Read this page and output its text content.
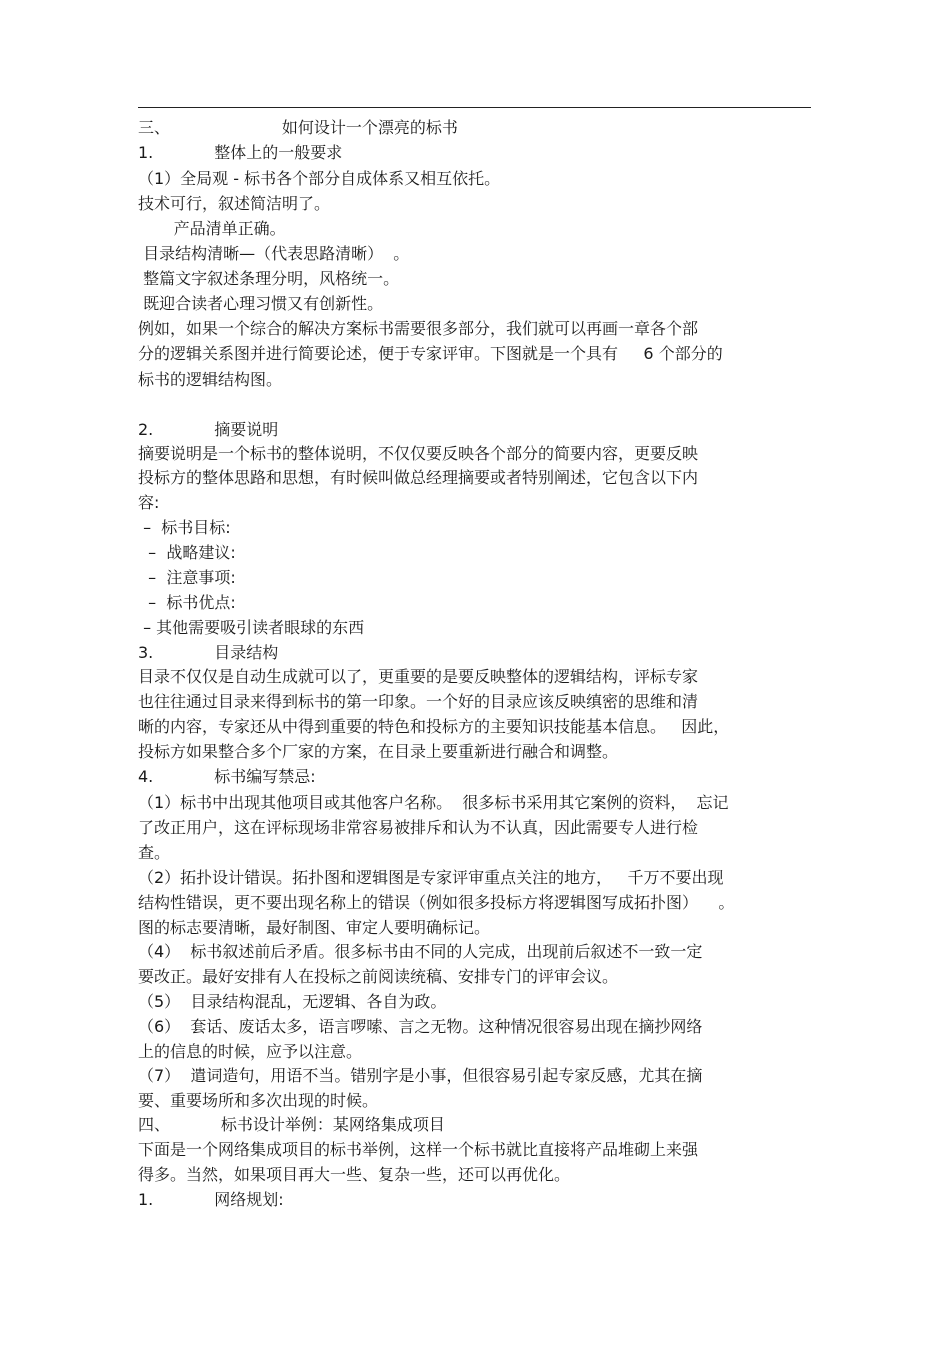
三、                      如何设计一个漂亮的标书
1.            整体上的一般要求
（1）全局观 - 标书各个部分自成体系又相互依托。
技术可行，叙述简洁明了。
产品清单正确。
目录结构清晰—（代表思路清晰）  。
整篇文字叙述条理分明，风格统一。
既迎合读者心理习惯又有创新性。
例如，如果一个综合的解决方案标书需要很多部分，我们就可以再画一章各个部
分的逻辑关系图并进行简要论述，便于专家评审。下图就是一个具有     6 个部分的
标书的逻辑结构图。
2.            摘要说明
摘要说明是一个标书的整体说明，不仅仅要反映各个部分的简要内容，更要反映
投标方的整体思路和思想，有时候叫做总经理摘要或者特别阐述，它包含以下内
容:
–  标书目标:
–  战略建议:
–  注意事项:
–  标书优点:
– 其他需要吸引读者眼球的东西
3.            目录结构
目录不仅仅是自动生成就可以了，更重要的是要反映整体的逻辑结构，评标专家
也往往通过目录来得到标书的第一印象。一个好的目录应该反映缜密的思维和清
晰的内容，专家还从中得到重要的特色和投标方的主要知识技能基本信息。   因此，
投标方如果整合多个厂家的方案，在目录上要重新进行融合和调整。
4.            标书编写禁忌:
（1）标书中出现其他项目或其他客户名称。  很多标书采用其它案例的资料，  忘记
了改正用户，这在评标现场非常容易被排斥和认为不认真，因此需要专人进行检
查。
（2）拓扑设计错误。拓扑图和逻辑图是专家评审重点关注的地方，   千万不要出现
结构性错误，更不要出现名称上的错误（例如很多投标方将逻辑图写成拓扑图）    。
图的标志要清晰，最好制图、审定人要明确标记。
（4）  标书叙述前后矛盾。很多标书由不同的人完成，出现前后叙述不一致一定
要改正。最好安排有人在投标之前阅读统稿、安排专门的评审会议。
（5）  目录结构混乱，无逻辑、各自为政。
（6）  套话、废话太多，语言啰嗦、言之无物。这种情况很容易出现在摘抄网络
上的信息的时候，应予以注意。
（7）  遣词造句，用语不当。错别字是小事，但很容易引起专家反感，尤其在摘
要、重要场所和多次出现的时候。
四、          标书设计举例：某网络集成项目
下面是一个网络集成项目的标书举例，这样一个标书就比直接将产品堆砌上来强
得多。当然，如果项目再大一些、复杂一些，还可以再优化。
1.            网络规划:
